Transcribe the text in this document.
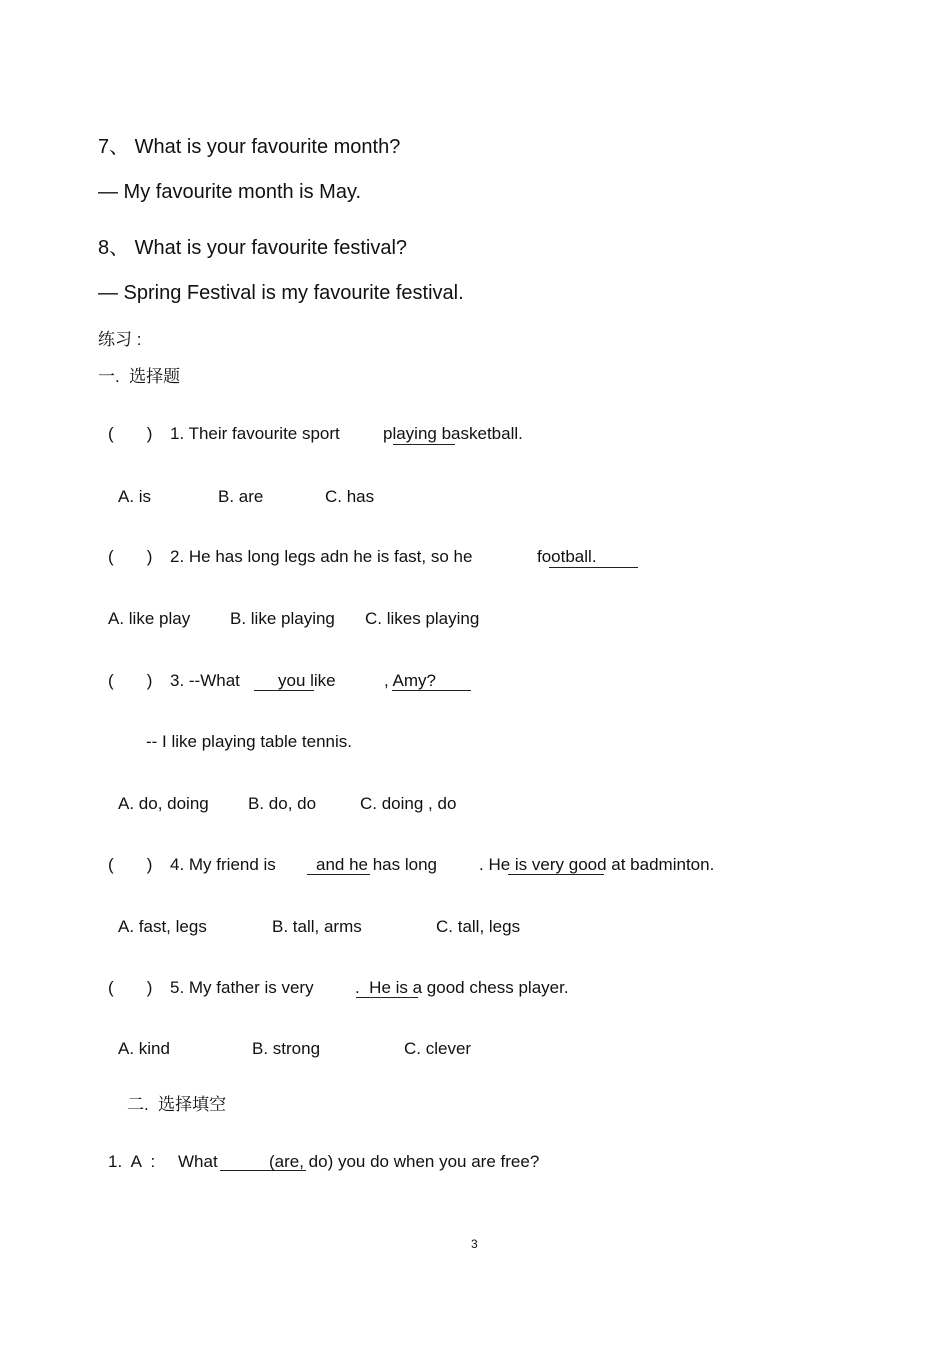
7、 What is your favourite month?
— My favourite month is May.
8、 What is your favourite festival?
— Spring Festival is my favourite festival.
练习 :
一.  选择题
(       ) 1. Their favourite sport	playing basketball.
A. is	B. are	C. has
(       ) 2. He has long legs adn he is fast, so he	football.
A. like play B. like playing C. likes playing
(       ) 3. --What you like	, Amy?
-- I like playing table tennis.
A. do, doing B. do, do	C. doing , do
(       ) 4. My friend is and he has long . He is very good at badminton.
A. fast, legs	B. tall, arms	C. tall, legs
(       ) 5. My father is very .  He is a good chess player.
A. kind	B. strong	C. clever
二.  选择填空
1.  A  : What	(are, do) you do when you are free?
3
